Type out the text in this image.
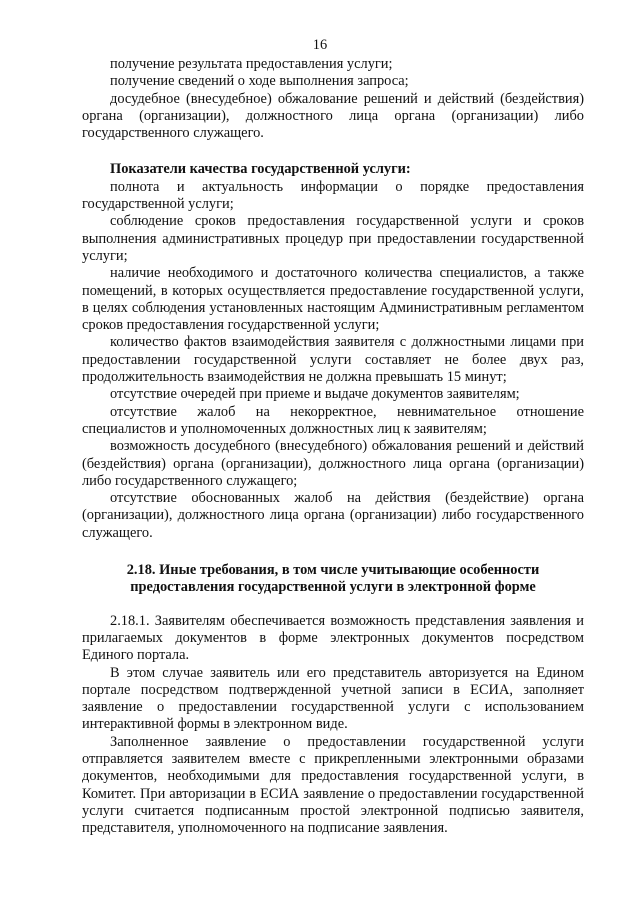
16

получение результата предоставления услуги;

получение сведений о ходе выполнения запроса;

досудебное (внесудебное) обжалование решений и действий (бездействия) органа (организации), должностного лица органа (организации) либо государственного служащего.

Показатели качества государственной услуги:

полнота и актуальность информации о порядке предоставления государственной услуги;

соблюдение сроков предоставления государственной услуги и сроков выполнения административных процедур при предоставлении государственной услуги;

наличие необходимого и достаточного количества специалистов, а также помещений, в которых осуществляется предоставление государственной услуги, в целях соблюдения установленных настоящим Административным регламентом сроков предоставления государственной услуги;

количество фактов взаимодействия заявителя с должностными лицами при предоставлении государственной услуги составляет не более двух раз, продолжительность взаимодействия не должна превышать 15 минут;

отсутствие очередей при приеме и выдаче документов заявителям;

отсутствие жалоб на некорректное, невнимательное отношение специалистов и уполномоченных должностных лиц к заявителям;

возможность досудебного (внесудебного) обжалования решений и действий (бездействия) органа (организации), должностного лица органа (организации) либо государственного служащего;

отсутствие обоснованных жалоб на действия (бездействие) органа (организации), должностного лица органа (организации) либо государственного служащего.

2.18. Иные требования, в том числе учитывающие особенности

предоставления государственной услуги в электронной форме

2.18.1. Заявителям обеспечивается возможность представления заявления и прилагаемых документов в форме электронных документов посредством Единого портала.

В этом случае заявитель или его представитель авторизуется на Едином портале посредством подтвержденной учетной записи в ЕСИА, заполняет заявление о предоставлении государственной услуги с использованием интерактивной формы в электронном виде.

Заполненное заявление о предоставлении государственной услуги отправляется заявителем вместе с прикрепленными электронными образами документов, необходимыми для предоставления государственной услуги, в Комитет. При авторизации в ЕСИА заявление о предоставлении государственной услуги считается подписанным простой электронной подписью заявителя, представителя, уполномоченного на подписание заявления.
